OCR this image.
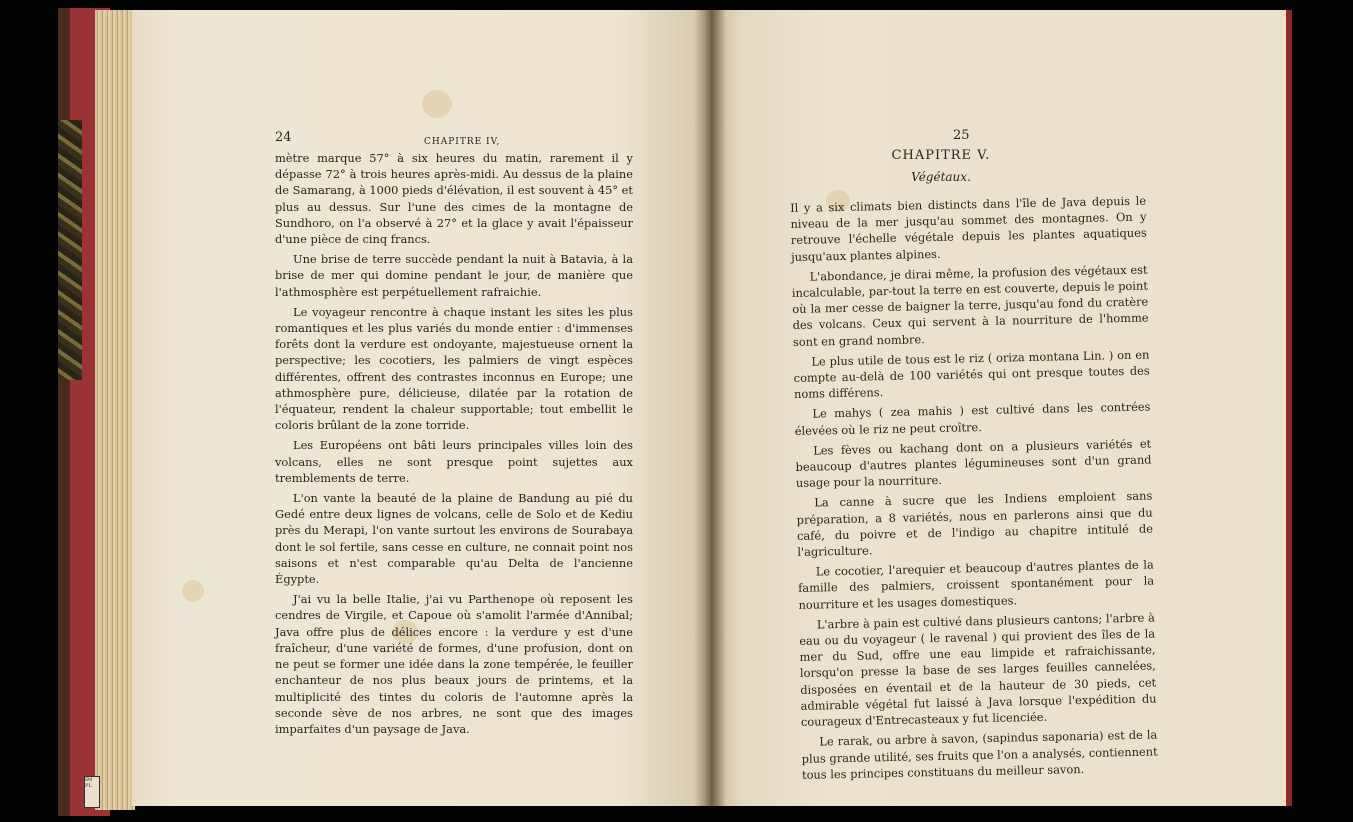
IM PL
24	CHAPITRE IV,

mètre marque 57° à six heures du matin, rarement il y dépasse 72° à trois heures après-midi. Au dessus de la plaine de Samarang, à 1000 pieds d'élévation, il est souvent à 45° et plus au dessus. Sur l'une des cimes de la montagne de Sundhoro, on l'a observé à 27° et la glace y avait l'épaisseur d'une pièce de cinq francs.

Une brise de terre succède pendant la nuit à Batavia, à la brise de mer qui domine pendant le jour, de manière que l'athmosphère est perpétuellement rafraichie.

Le voyageur rencontre à chaque instant les sites les plus romantiques et les plus variés du monde entier : d'immenses forêts dont la verdure est ondoyante, majestueuse ornent la perspective; les cocotiers, les palmiers de vingt espèces différentes, offrent des contrastes inconnus en Europe; une athmosphère pure, délicieuse, dilatée par la rotation de l'équateur, rendent la chaleur supportable; tout embellit le coloris brûlant de la zone torride.

Les Européens ont bâti leurs principales villes loin des volcans, elles ne sont presque point sujettes aux tremblements de terre.

L'on vante la beauté de la plaine de Bandung au pié du Gedé entre deux lignes de volcans, celle de Solo et de Kediu près du Merapi, l'on vante surtout les environs de Sourabaya dont le sol fertile, sans cesse en culture, ne connait point nos saisons et n'est comparable qu'au Delta de l'ancienne Égypte.

J'ai vu la belle Italie, j'ai vu Parthenope où reposent les cendres de Virgile, et Capoue où s'amolit l'armée d'Annibal; Java offre plus de délices encore : la verdure y est d'une fraîcheur, d'une variété de formes, d'une profusion, dont on ne peut se former une idée dans la zone tempérée, le feuiller enchanteur de nos plus beaux jours de printems, et la multiplicité des tintes du coloris de l'automne après la seconde sève de nos arbres, ne sont que des images imparfaites d'un paysage de Java.

25
CHAPITRE V.
Végétaux.

Il y a six climats bien distincts dans l'île de Java depuis le niveau de la mer jusqu'au sommet des montagnes. On y retrouve l'échelle végétale depuis les plantes aquatiques jusqu'aux plantes alpines.

L'abondance, je dirai même, la profusion des végétaux est incalculable, par-tout la terre en est couverte, depuis le point où la mer cesse de baigner la terre, jusqu'au fond du cratère des volcans. Ceux qui servent à la nourriture de l'homme sont en grand nombre.

Le plus utile de tous est le riz ( oriza montana Lin. ) on en compte au-delà de 100 variétés qui ont presque toutes des noms différens.

Le mahys ( zea mahis ) est cultivé dans les contrées élevées où le riz ne peut croître.

Les fèves ou kachang dont on a plusieurs variétés et beaucoup d'autres plantes légumineuses sont d'un grand usage pour la nourriture.

La canne à sucre que les Indiens emploient sans préparation, a 8 variétés, nous en parlerons ainsi que du café, du poivre et de l'indigo au chapitre intitulé de l'agriculture.

Le cocotier, l'arequier et beaucoup d'autres plantes de la famille des palmiers, croissent spontanément pour la nourriture et les usages domestiques.

L'arbre à pain est cultivé dans plusieurs cantons; l'arbre à eau ou du voyageur ( le ravenal ) qui provient des îles de la mer du Sud, offre une eau limpide et rafraichissante, lorsqu'on presse la base de ses larges feuilles cannelées, disposées en éventail et de la hauteur de 30 pieds, cet admirable végétal fut laissé à Java lorsque l'expédition du courageux d'Entrecasteaux y fut licenciée.

Le rarak, ou arbre à savon, (sapindus saponaria) est de la plus grande utilité, ses fruits que l'on a analysés, contiennent tous les principes constituans du meilleur savon.
